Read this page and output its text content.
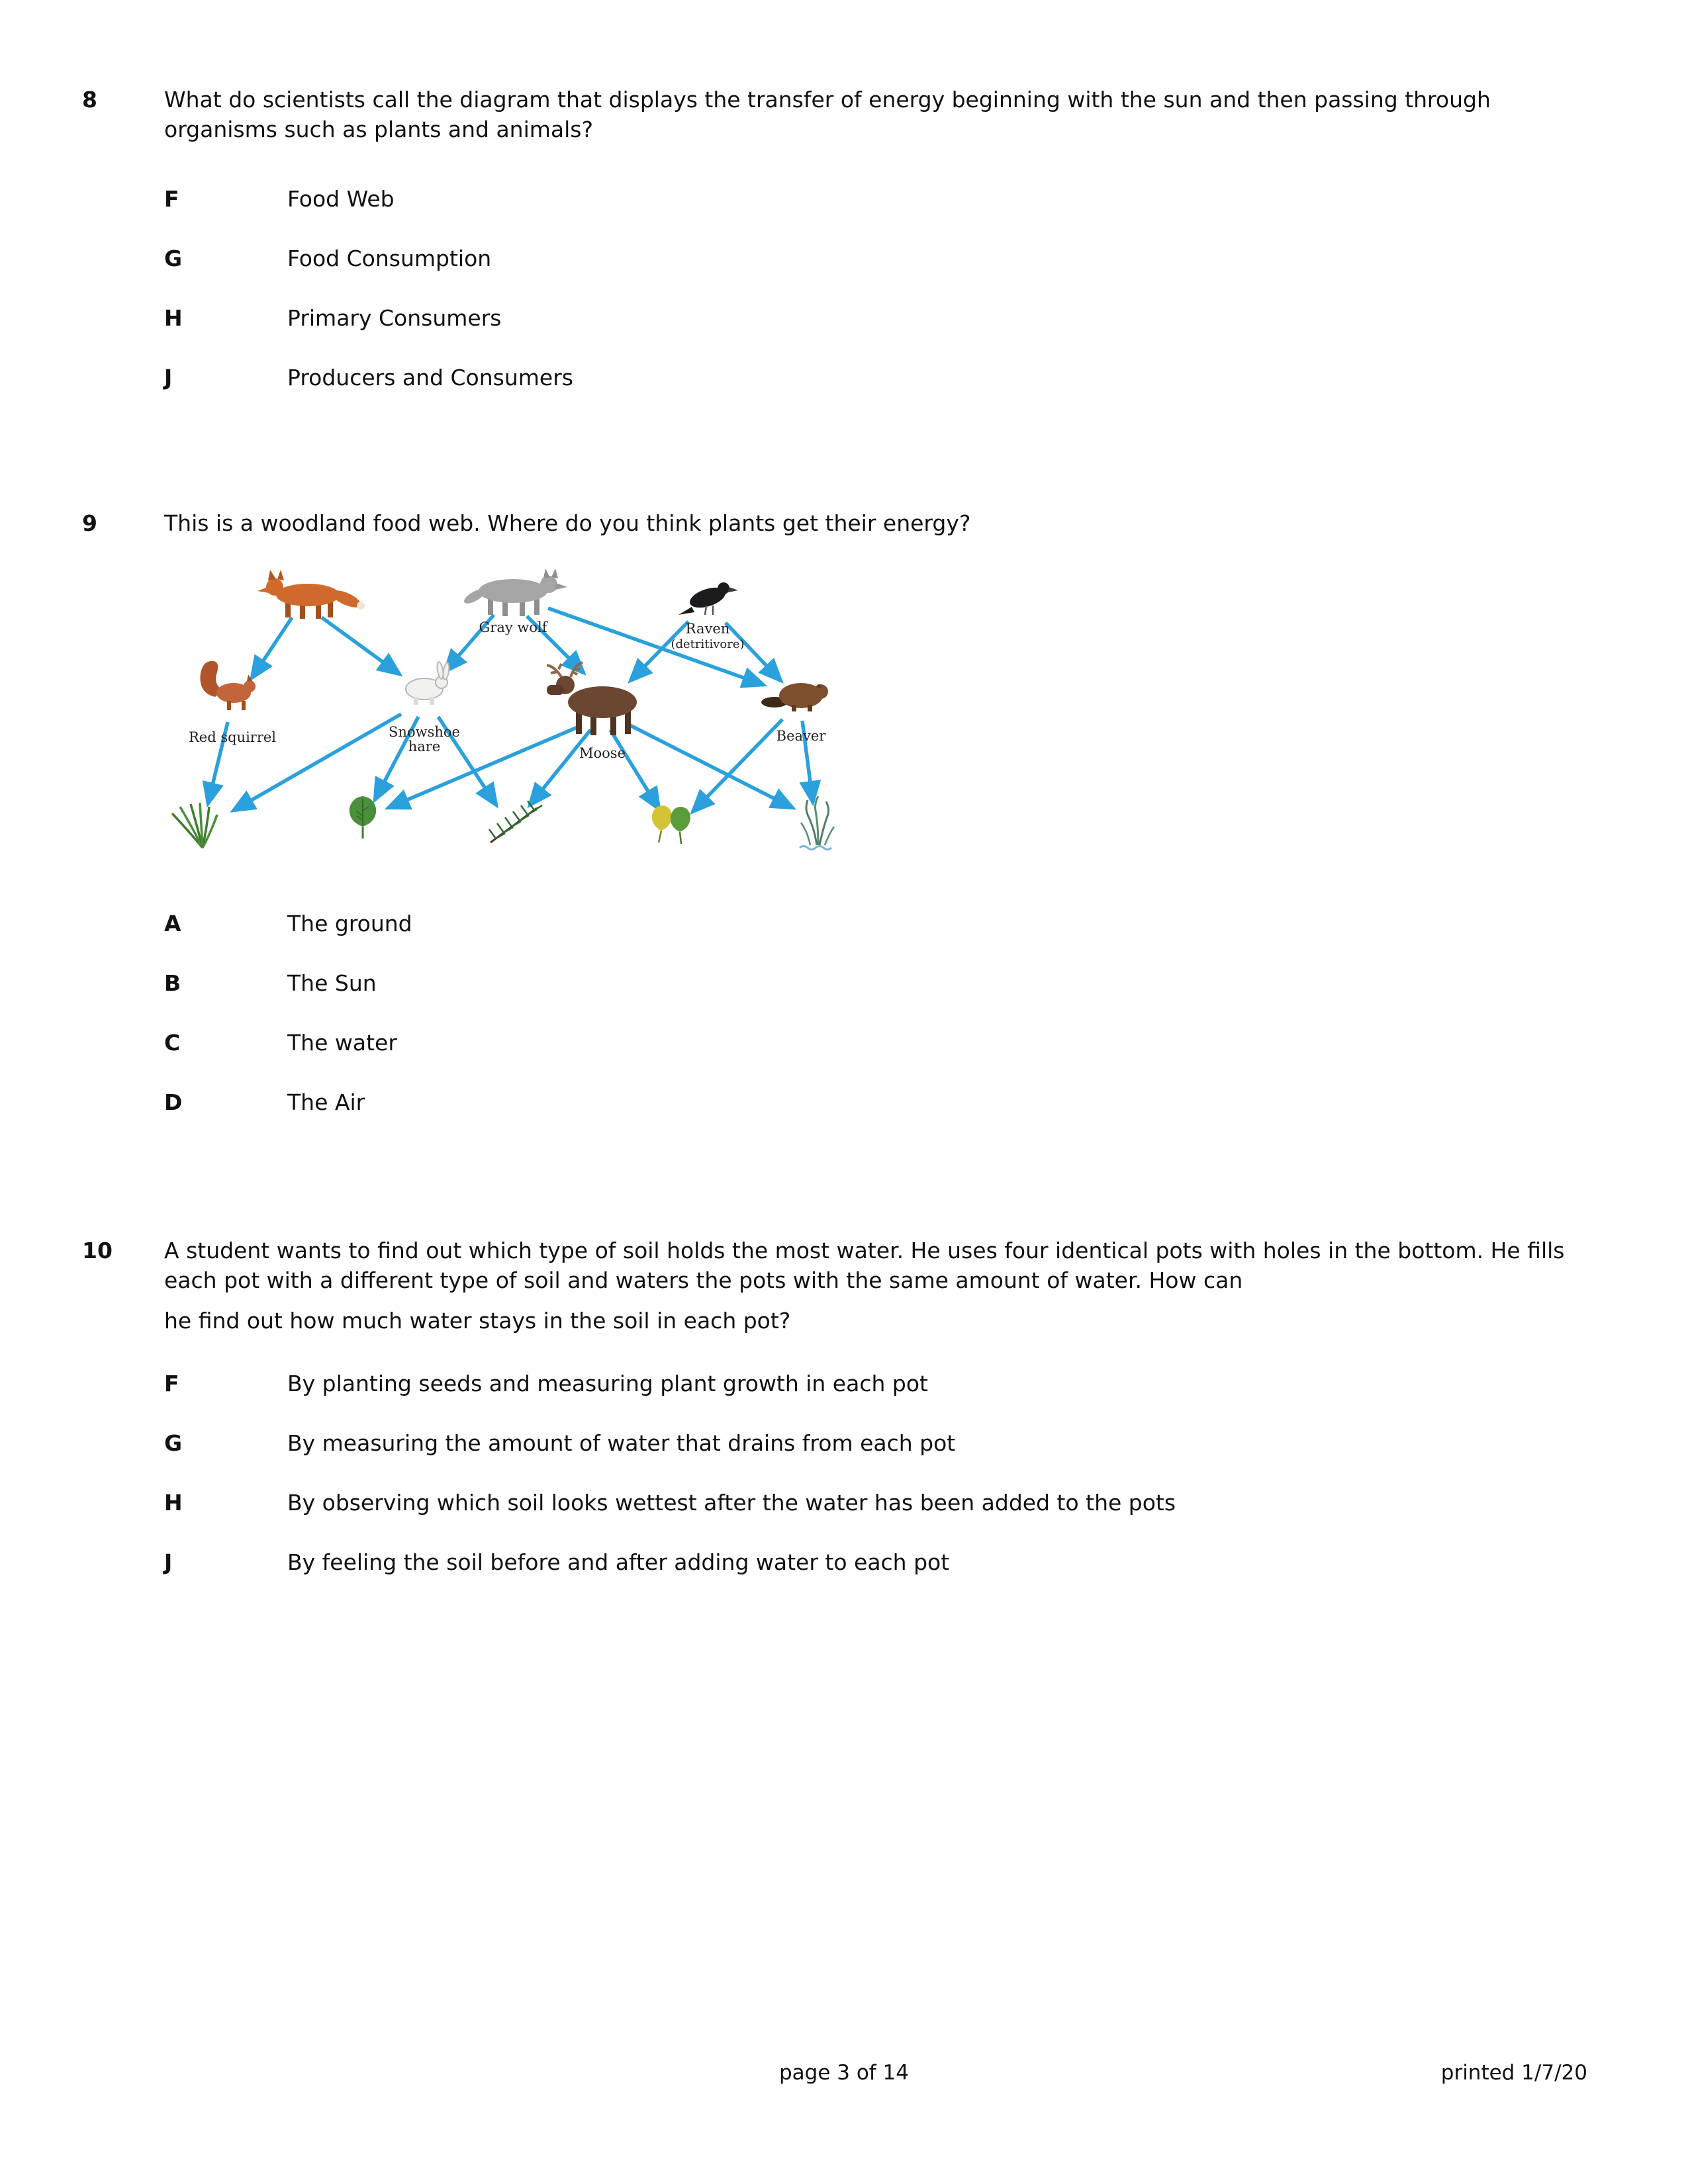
8	What do scientists call the diagram that displays the transfer of energy beginning with the sun and then passing through organisms such as plants and animals?

F	Food Web
G	Food Consumption
H	Primary Consumers
J	Producers and Consumers
9	This is a woodland food web. Where do you think plants get their energy?

Gray wolf	Raven
(detritivore)
Red squirrel	Snowshoe
hare	Moose
Beaver
A	The ground
B	The Sun
C	The water
D	The Air
10	A student wants to find out which type of soil holds the most water. He uses four identical pots with holes in the bottom. He fills each pot with a different type of soil and waters the pots with the same amount of water. How can

he find out how much water stays in the soil in each pot?

F	By planting seeds and measuring plant growth in each pot
G	By measuring the amount of water that drains from each pot
H	By observing which soil looks wettest after the water has been added to the pots
J	By feeling the soil before and after adding water to each pot
page 3 of 14	printed 1/7/20
